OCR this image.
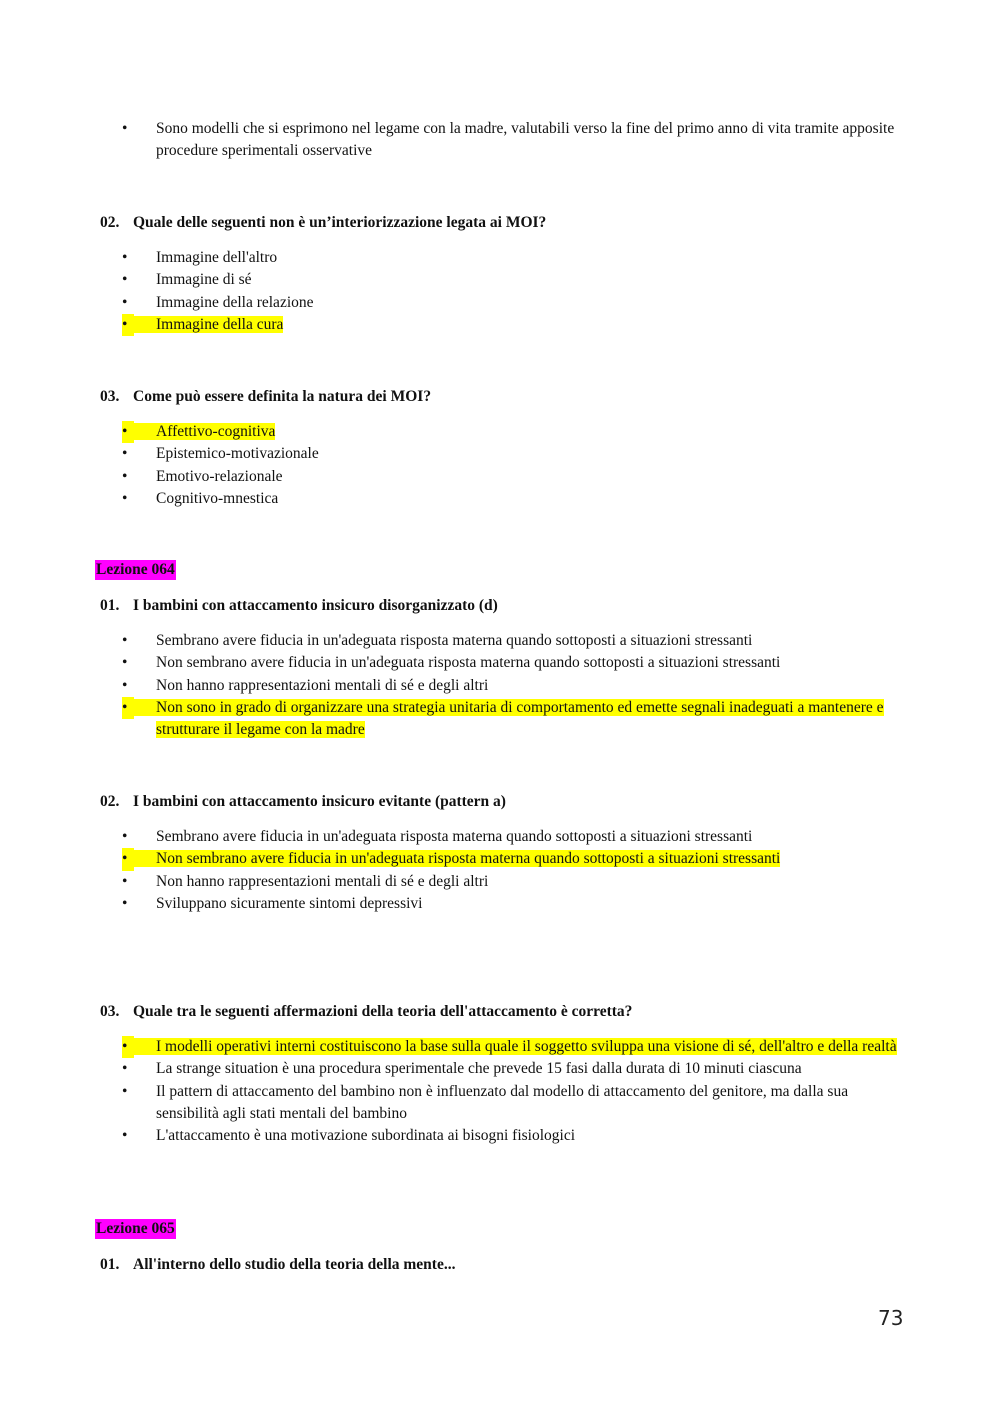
•	Sono modelli che si esprimono nel legame con la madre, valutabili verso la fine del primo anno di vita tramite apposite procedure sperimentali osservative
02. Quale delle seguenti non è un’interiorizzazione legata ai MOI?
•	Immagine dell'altro
•	Immagine di sé
•	Immagine della relazione
•	Immagine della cura
03. Come può essere definita la natura dei MOI?
•	Affettivo-cognitiva
•	Epistemico-motivazionale
•	Emotivo-relazionale
•	Cognitivo-mnestica
Lezione 064
01. I bambini con attaccamento insicuro disorganizzato (d)
•	Sembrano avere fiducia in un'adeguata risposta materna quando sottoposti a situazioni stressanti
•	Non sembrano avere fiducia in un'adeguata risposta materna quando sottoposti a situazioni stressanti
•	Non hanno rappresentazioni mentali di sé e degli altri
•	Non sono in grado di organizzare una strategia unitaria di comportamento ed emette segnali inadeguati a mantenere e strutturare il legame con la madre
02. I bambini con attaccamento insicuro evitante (pattern a)
•	Sembrano avere fiducia in un'adeguata risposta materna quando sottoposti a situazioni stressanti
•	Non sembrano avere fiducia in un'adeguata risposta materna quando sottoposti a situazioni stressanti
•	Non hanno rappresentazioni mentali di sé e degli altri
•	Sviluppano sicuramente sintomi depressivi
03. Quale tra le seguenti affermazioni della teoria dell'attaccamento è corretta?
•	I modelli operativi interni costituiscono la base sulla quale il soggetto sviluppa una visione di sé, dell'altro e della realtà
•	La strange situation è una procedura sperimentale che prevede 15 fasi dalla durata di 10 minuti ciascuna
•	Il pattern di attaccamento del bambino non è influenzato dal modello di attaccamento del genitore, ma dalla sua sensibilità agli stati mentali del bambino
•	L'attaccamento è una motivazione subordinata ai bisogni fisiologici
Lezione 065
01. All'interno dello studio della teoria della mente...
73
